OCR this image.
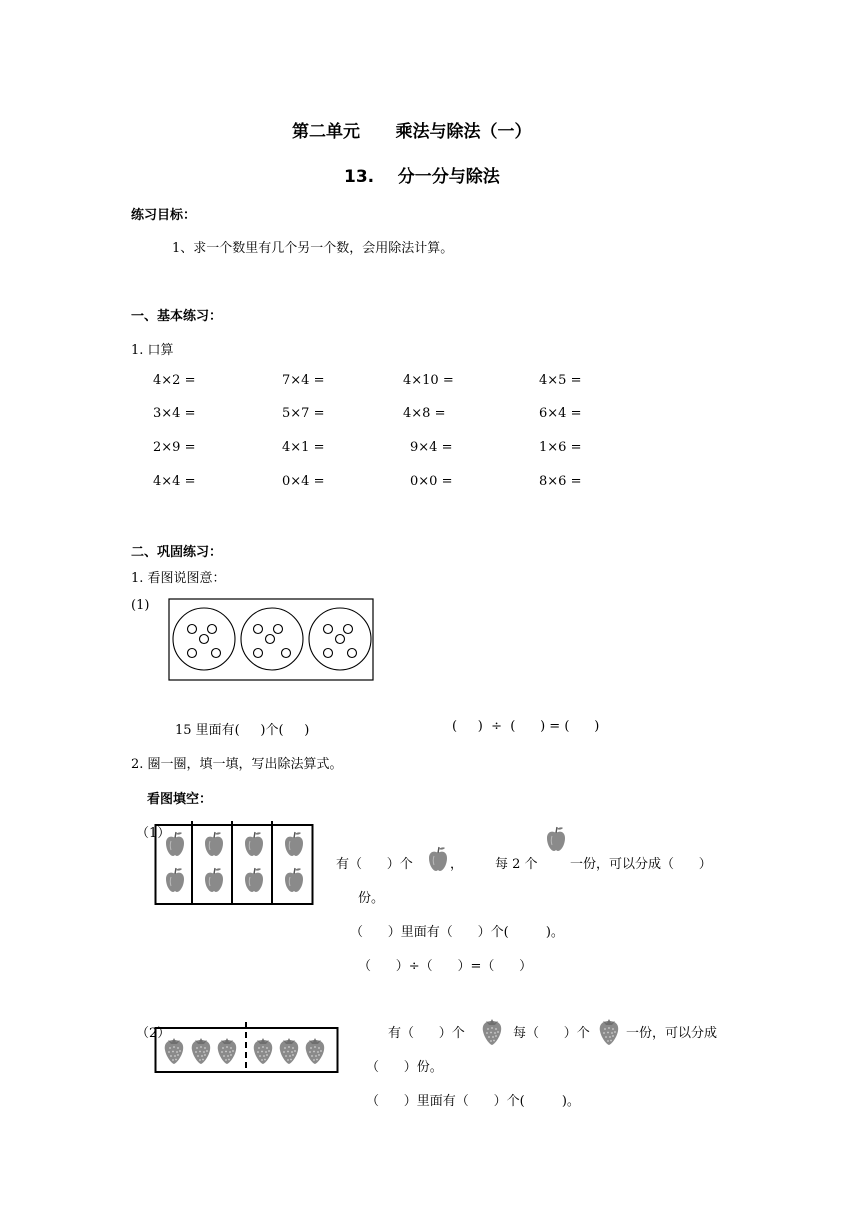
第二单元      乘法与除法（一）
13.    分一分与除法
练习目标：
1、求一个数里有几个另一个数，会用除法计算。
一、基本练习：
1. 口算
4×2 =	7×4 =	4×10 =	4×5 =
3×4 =	5×7 =	4×8 =	6×4 =
2×9 =	4×1 =	9×4 =	1×6 =
4×4 =	0×4 =	0×0 =	8×6 =
二、巩固练习：
1. 看图说图意：
(1)
15 里面有(     )个(     )	(     )  ÷  (      ) = (      )
2. 圈一圈，填一填，写出除法算式。
看图填空：
（1）
有（      ）个	， 每 2 个 一份，可以分成（      ）
份。
（      ）里面有（      ）个(         )。
（      ）÷（      ）=（      ）
（2）	有（      ）个	每（      ）个	一份，可以分成
（      ）份。
（      ）里面有（      ）个(         )。
